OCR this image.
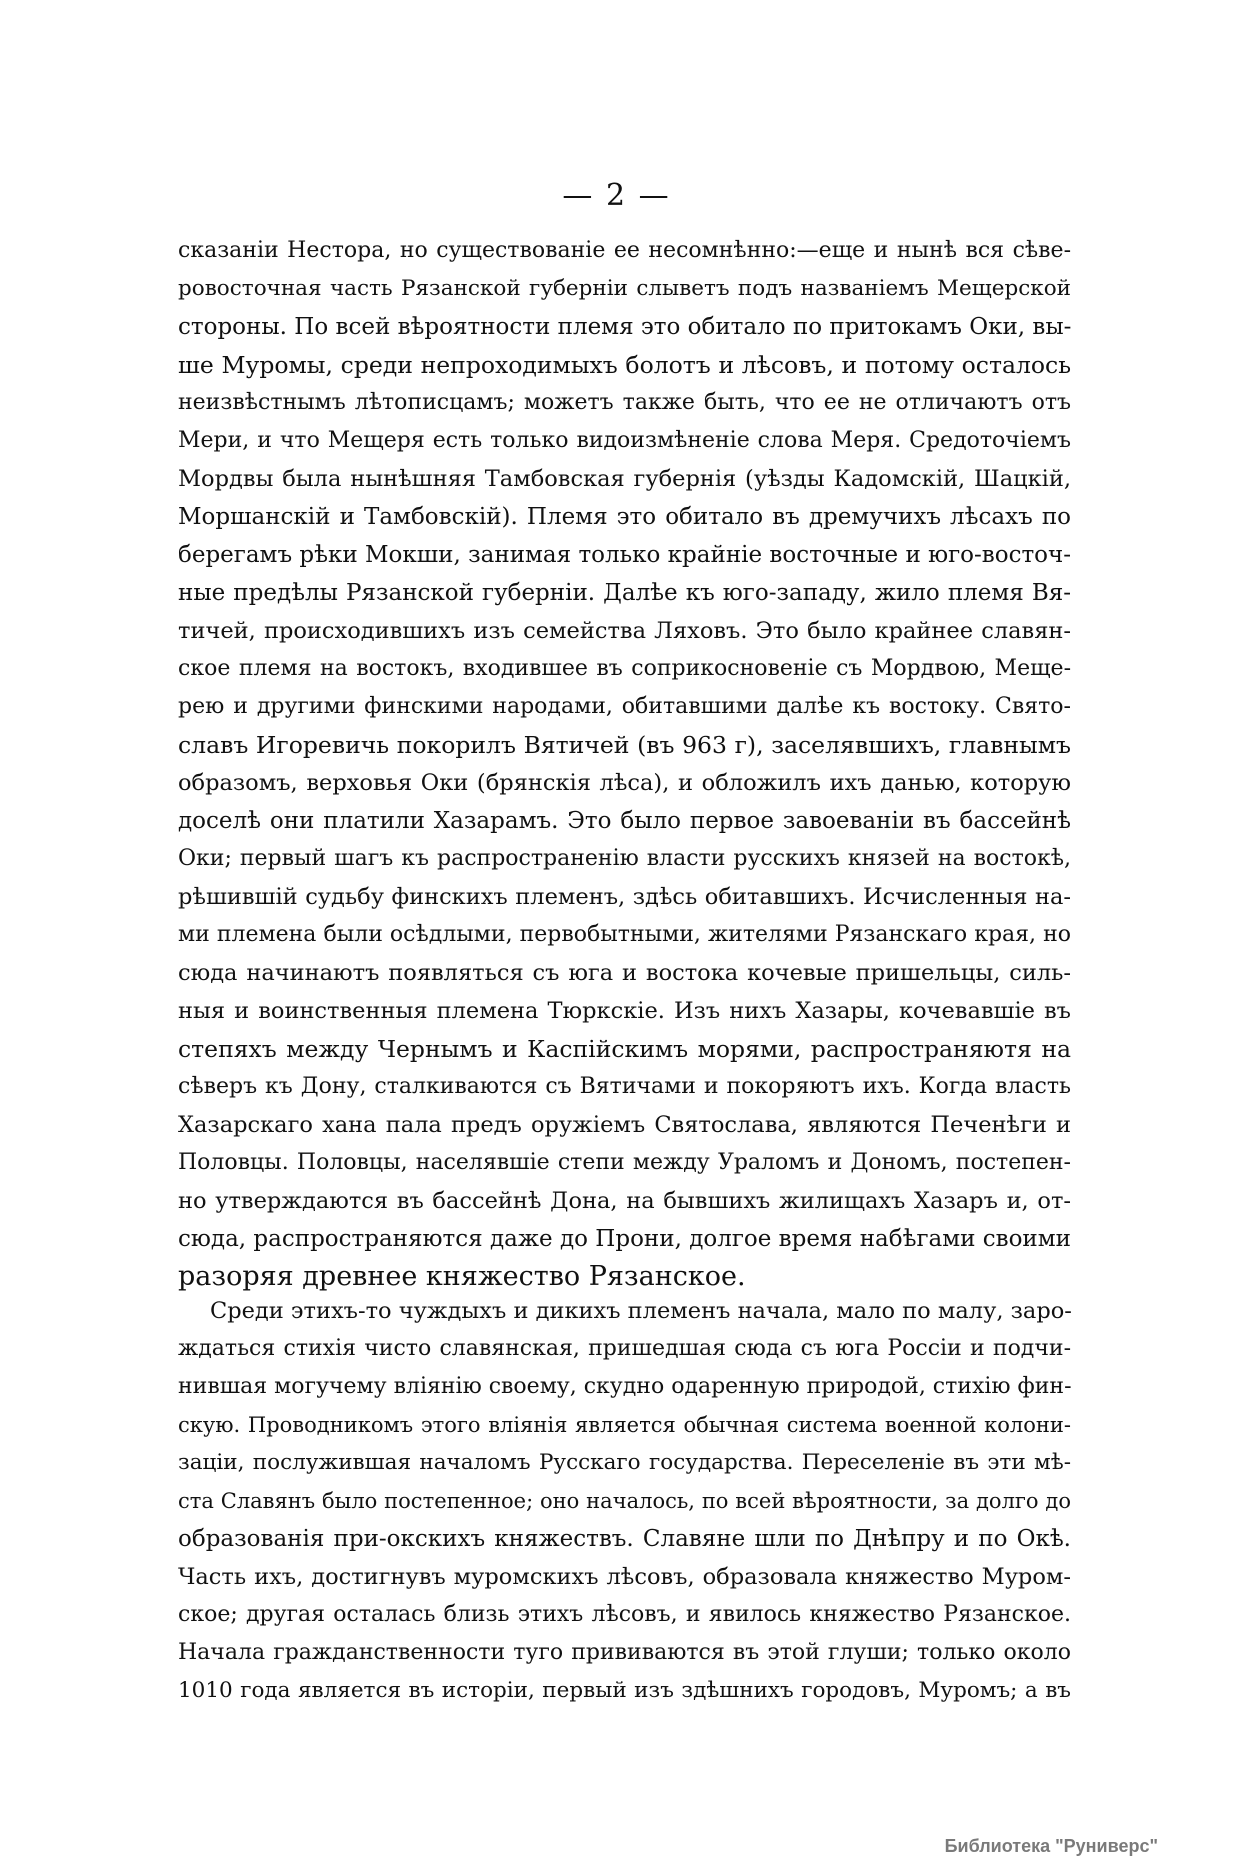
— 2 —
сказаніи Нестора, но существованіе ее несомнѣнно:—еще и нынѣ вся сѣве-
ровосточная часть Рязанской губерніи слыветъ подъ названіемъ Мещерской
стороны. По всей вѣроятности племя это обитало по притокамъ Оки, вы-
ше Муромы, среди непроходимыхъ болотъ и лѣсовъ, и потому осталось
неизвѣстнымъ лѣтописцамъ; можетъ также быть, что ее не отличаютъ отъ
Мери, и что Мещеря есть только видоизмѣненіе слова Меря. Средоточіемъ
Мордвы была нынѣшняя Тамбовская губернія (уѣзды Кадомскій, Шацкій,
Моршанскій и Тамбовскій). Племя это обитало въ дремучихъ лѣсахъ по
берегамъ рѣки Мокши, занимая только крайніе восточные и юго-восточ-
ные предѣлы Рязанской губерніи. Далѣе къ юго-западу, жило племя Вя-
тичей, происходившихъ изъ семейства Ляховъ. Это было крайнее славян-
ское племя на востокъ, входившее въ соприкосновеніе съ Мордвою, Меще-
рею и другими финскими народами, обитавшими далѣе къ востоку. Свято-
славъ Игоревичь покорилъ Вятичей (въ 963 г), заселявшихъ, главнымъ
образомъ, верховья Оки (брянскія лѣса), и обложилъ ихъ данью, которую
доселѣ они платили Хазарамъ. Это было первое завоеваніи въ бассейнѣ
Оки; первый шагъ къ распространенію власти русскихъ князей на востокѣ,
рѣшившій судьбу финскихъ племенъ, здѣсь обитавшихъ. Исчисленныя на-
ми племена были осѣдлыми, первобытными, жителями Рязанскаго края, но
сюда начинаютъ появляться съ юга и востока кочевые пришельцы, силь-
ныя и воинственныя племена Тюркскіе. Изъ нихъ Хазары, кочевавшіе въ
степяхъ между Чернымъ и Каспійскимъ морями, распространяютя на
сѣверъ къ Дону, сталкиваются съ Вятичами и покоряютъ ихъ. Когда власть
Хазарскаго хана пала предъ оружіемъ Святослава, являются Печенѣги и
Половцы. Половцы, населявшіе степи между Ураломъ и Дономъ, постепен-
но утверждаются въ бассейнѣ Дона, на бывшихъ жилищахъ Хазаръ и, от-
сюда, распространяются даже до Прони, долгое время набѣгами своими
разоряя древнее княжество Рязанское.
Среди этихъ-то чуждыхъ и дикихъ племенъ начала, мало по малу, заро-
ждаться стихія чисто славянская, пришедшая сюда съ юга Россіи и подчи-
нившая могучему вліянію своему, скудно одаренную природой, стихію фин-
скую. Проводникомъ этого вліянія является обычная система военной колони-
заціи, послужившая началомъ Русскаго государства. Переселеніе въ эти мѣ-
ста Славянъ было постепенное; оно началось, по всей вѣроятности, за долго до
образованія при-окскихъ княжествъ. Славяне шли по Днѣпру и по Окѣ.
Часть ихъ, достигнувъ муромскихъ лѣсовъ, образовала княжество Муром-
ское; другая осталась близь этихъ лѣсовъ, и явилось княжество Рязанское.
Начала гражданственности туго прививаются въ этой глуши; только около
1010 года является въ исторіи, первый изъ здѣшнихъ городовъ, Муромъ; а въ
Библиотека "Руниверс"
